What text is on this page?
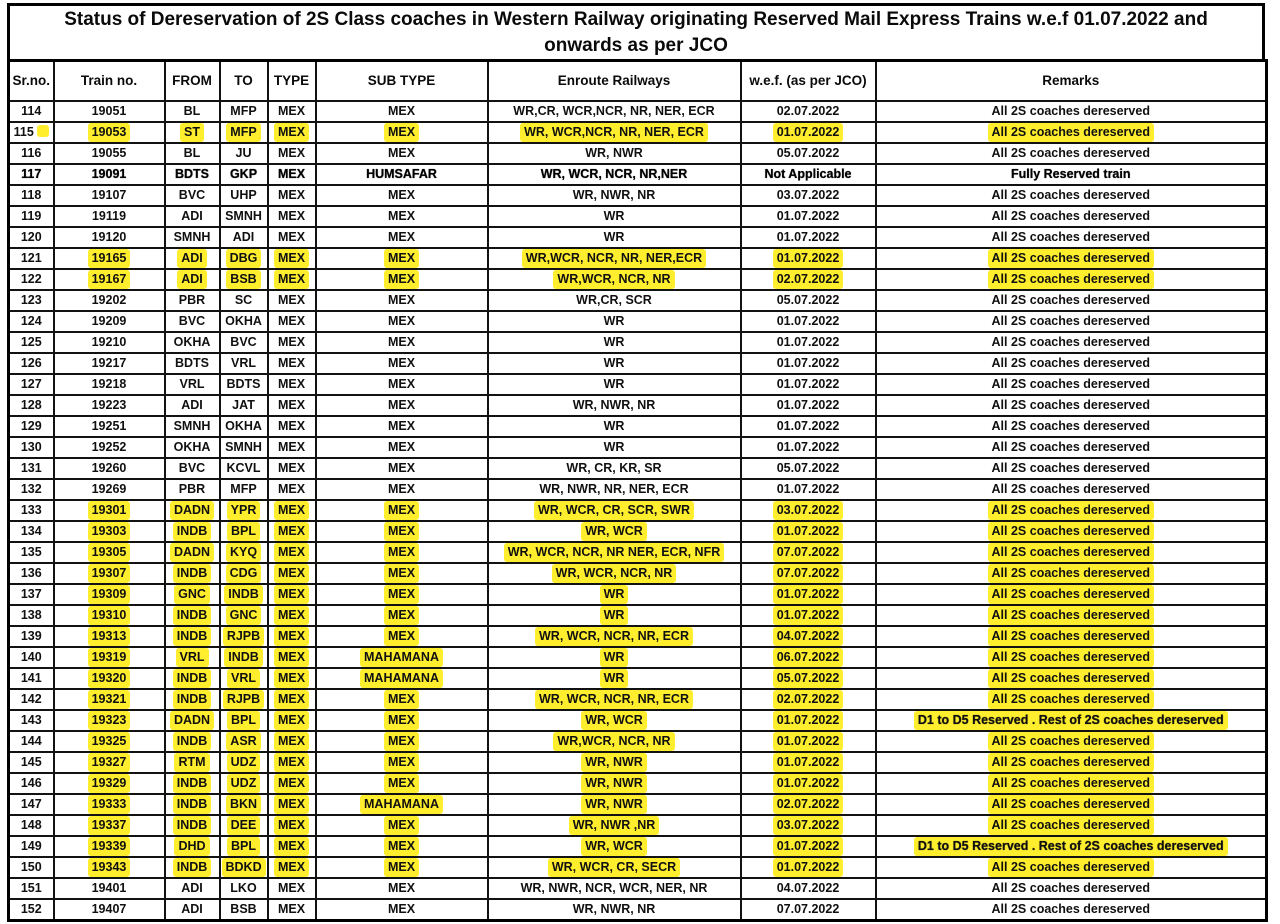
Status of Dereservation of 2S Class coaches in Western Railway originating Reserved Mail Express Trains w.e.f 01.07.2022 and
onwards as per JCO
Sr.no.	Train no.	FROM	TO	TYPE	SUB TYPE	Enroute Railways	w.e.f. (as per JCO)	Remarks
114	19051	BL	MFP	MEX	MEX	WR,CR, WCR,NCR, NR, NER, ECR	02.07.2022	All 2S coaches dereserved
115	19053	ST	MFP	MEX	MEX	WR, WCR,NCR, NR, NER, ECR	01.07.2022	All 2S coaches dereserved
116	19055	BL	JU	MEX	MEX	WR, NWR	05.07.2022	All 2S coaches dereserved
117	19091	BDTS	GKP	MEX	HUMSAFAR	WR, WCR, NCR, NR,NER	Not Applicable	Fully Reserved train
118	19107	BVC	UHP	MEX	MEX	WR, NWR, NR	03.07.2022	All 2S coaches dereserved
119	19119	ADI	SMNH	MEX	MEX	WR	01.07.2022	All 2S coaches dereserved
120	19120	SMNH	ADI	MEX	MEX	WR	01.07.2022	All 2S coaches dereserved
121	19165	ADI	DBG	MEX	MEX	WR,WCR, NCR, NR, NER,ECR	01.07.2022	All 2S coaches dereserved
122	19167	ADI	BSB	MEX	MEX	WR,WCR, NCR, NR	02.07.2022	All 2S coaches dereserved
123	19202	PBR	SC	MEX	MEX	WR,CR, SCR	05.07.2022	All 2S coaches dereserved
124	19209	BVC	OKHA	MEX	MEX	WR	01.07.2022	All 2S coaches dereserved
125	19210	OKHA	BVC	MEX	MEX	WR	01.07.2022	All 2S coaches dereserved
126	19217	BDTS	VRL	MEX	MEX	WR	01.07.2022	All 2S coaches dereserved
127	19218	VRL	BDTS	MEX	MEX	WR	01.07.2022	All 2S coaches dereserved
128	19223	ADI	JAT	MEX	MEX	WR, NWR, NR	01.07.2022	All 2S coaches dereserved
129	19251	SMNH	OKHA	MEX	MEX	WR	01.07.2022	All 2S coaches dereserved
130	19252	OKHA	SMNH	MEX	MEX	WR	01.07.2022	All 2S coaches dereserved
131	19260	BVC	KCVL	MEX	MEX	WR, CR, KR, SR	05.07.2022	All 2S coaches dereserved
132	19269	PBR	MFP	MEX	MEX	WR, NWR, NR, NER, ECR	01.07.2022	All 2S coaches dereserved
133	19301	DADN	YPR	MEX	MEX	WR, WCR, CR, SCR, SWR	03.07.2022	All 2S coaches dereserved
134	19303	INDB	BPL	MEX	MEX	WR, WCR	01.07.2022	All 2S coaches dereserved
135	19305	DADN	KYQ	MEX	MEX	WR, WCR, NCR, NR NER, ECR, NFR	07.07.2022	All 2S coaches dereserved
136	19307	INDB	CDG	MEX	MEX	WR, WCR, NCR, NR	07.07.2022	All 2S coaches dereserved
137	19309	GNC	INDB	MEX	MEX	WR	01.07.2022	All 2S coaches dereserved
138	19310	INDB	GNC	MEX	MEX	WR	01.07.2022	All 2S coaches dereserved
139	19313	INDB	RJPB	MEX	MEX	WR, WCR, NCR, NR, ECR	04.07.2022	All 2S coaches dereserved
140	19319	VRL	INDB	MEX	MAHAMANA	WR	06.07.2022	All 2S coaches dereserved
141	19320	INDB	VRL	MEX	MAHAMANA	WR	05.07.2022	All 2S coaches dereserved
142	19321	INDB	RJPB	MEX	MEX	WR, WCR, NCR, NR, ECR	02.07.2022	All 2S coaches dereserved
143	19323	DADN	BPL	MEX	MEX	WR, WCR	01.07.2022	D1 to D5 Reserved . Rest of 2S coaches dereserved
144	19325	INDB	ASR	MEX	MEX	WR,WCR, NCR, NR	01.07.2022	All 2S coaches dereserved
145	19327	RTM	UDZ	MEX	MEX	WR, NWR	01.07.2022	All 2S coaches dereserved
146	19329	INDB	UDZ	MEX	MEX	WR, NWR	01.07.2022	All 2S coaches dereserved
147	19333	INDB	BKN	MEX	MAHAMANA	WR, NWR	02.07.2022	All 2S coaches dereserved
148	19337	INDB	DEE	MEX	MEX	WR, NWR ,NR	03.07.2022	All 2S coaches dereserved
149	19339	DHD	BPL	MEX	MEX	WR, WCR	01.07.2022	D1 to D5 Reserved . Rest of 2S coaches dereserved
150	19343	INDB	BDKD	MEX	MEX	WR, WCR, CR, SECR	01.07.2022	All 2S coaches dereserved
151	19401	ADI	LKO	MEX	MEX	WR, NWR, NCR, WCR, NER, NR	04.07.2022	All 2S coaches dereserved
152	19407	ADI	BSB	MEX	MEX	WR, NWR, NR	07.07.2022	All 2S coaches dereserved
